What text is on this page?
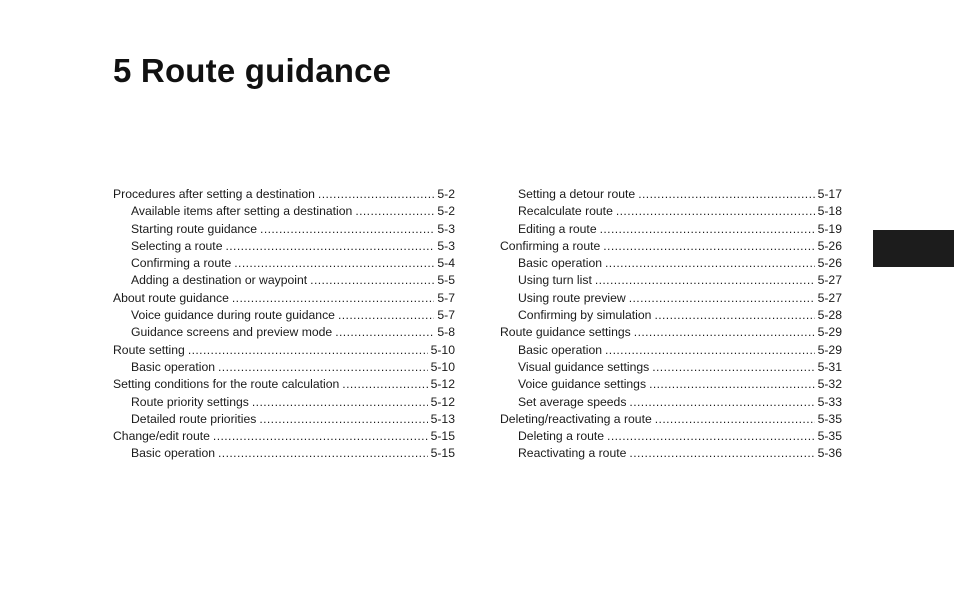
5 Route guidance
Procedures after setting a destination .....	5-2
Available items after setting a destination .....	5-2
Starting route guidance .....	5-3
Selecting a route .....	5-3
Confirming a route .....	5-4
Adding a destination or waypoint .....	5-5
About route guidance .....	5-7
Voice guidance during route guidance .....	5-7
Guidance screens and preview mode .....	5-8
Route setting .....	5-10
Basic operation .....	5-10
Setting conditions for the route calculation .....	5-12
Route priority settings .....	5-12
Detailed route priorities .....	5-13
Change/edit route .....	5-15
Basic operation .....	5-15
Setting a detour route .....	5-17
Recalculate route .....	5-18
Editing a route .....	5-19
Confirming a route .....	5-26
Basic operation .....	5-26
Using turn list .....	5-27
Using route preview .....	5-27
Confirming by simulation .....	5-28
Route guidance settings .....	5-29
Basic operation .....	5-29
Visual guidance settings .....	5-31
Voice guidance settings .....	5-32
Set average speeds .....	5-33
Deleting/reactivating a route .....	5-35
Deleting a route .....	5-35
Reactivating a route .....	5-36
